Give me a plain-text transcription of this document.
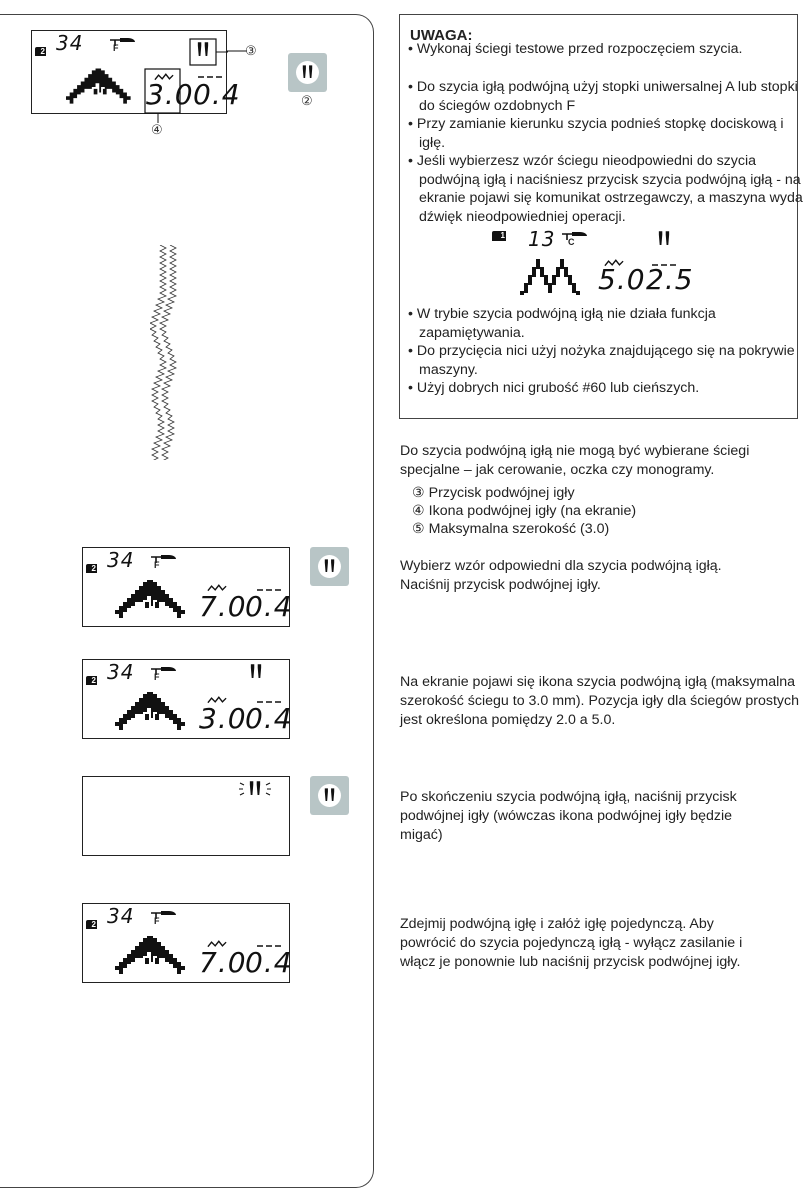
2 34	F
3.0 0.4
③
④
②
2 34 F
7.0
0.4
2 34 F
3.0
0.4
2 34 F
7.0
0.4
UWAGA:
• Wykonaj ściegi testowe przed rozpoczęciem szycia.
• Do szycia igłą podwójną użyj stopki uniwersalnej A lub stopki do ściegów ozdobnych F
• Przy zamianie kierunku szycia podnieś stopkę dociskową i igłę.
• Jeśli wybierzesz wzór ściegu nieodpowiedni do szycia podwójną igłą i naciśniesz przycisk szycia podwójną igłą - na ekranie pojawi się komunikat ostrzegawczy, a maszyna wyda dźwięk nieodpowiedniej operacji.
1 13 C
5.0 2.5
• W trybie szycia podwójną igłą nie działa funkcja zapamiętywania.
• Do przycięcia nici użyj nożyka znajdującego się na pokrywie maszyny.
• Użyj dobrych nici grubość #60 lub cieńszych.
Do szycia podwójną igłą nie mogą być wybierane ściegi specjalne – jak cerowanie, oczka czy monogramy.
③ Przycisk podwójnej igły
④ Ikona podwójnej igły (na ekranie)
⑤ Maksymalna szerokość (3.0)
Wybierz wzór odpowiedni dla szycia podwójną igłą. Naciśnij przycisk podwójnej igły.
Na ekranie pojawi się ikona szycia podwójną igłą (maksymalna szerokość ściegu to 3.0 mm). Pozycja igły dla ściegów prostych jest określona pomiędzy 2.0 a 5.0.
Po skończeniu szycia podwójną igłą, naciśnij przycisk podwójnej igły (wówczas ikona podwójnej igły będzie migać)
Zdejmij podwójną igłę i załóż igłę pojedynczą. Aby powrócić do szycia pojedynczą igłą - wyłącz zasilanie i włącz je ponownie lub naciśnij przycisk podwójnej igły.
